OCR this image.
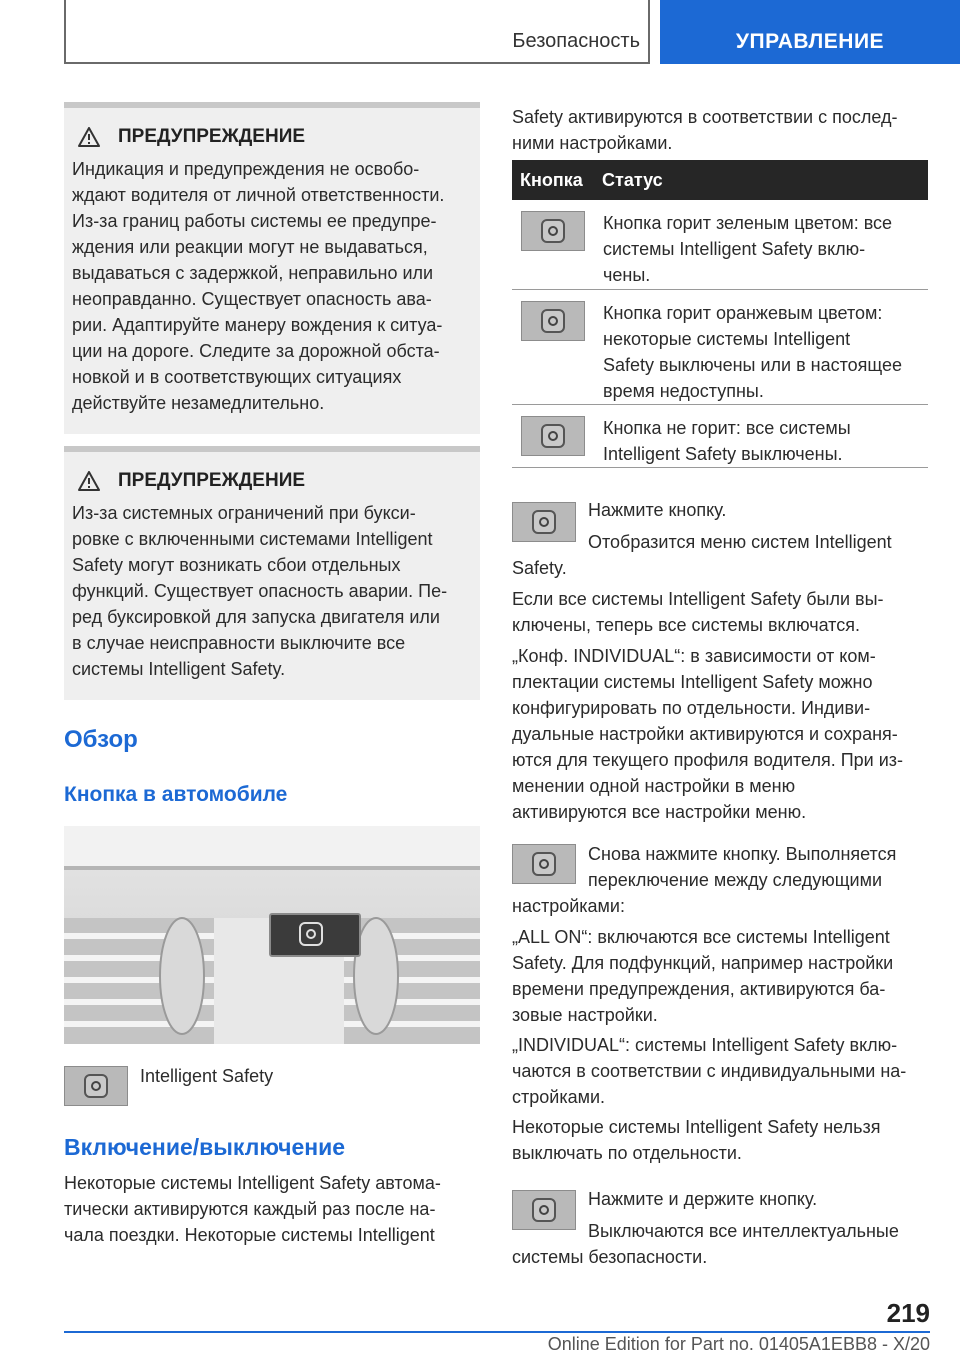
Безопасность	УПРАВЛЕНИЕ
ПРЕДУПРЕЖДЕНИЕ
Индикация и предупреждения не освобо-
ждают водителя от личной ответственности.
Из-за границ работы системы ее предупре-
ждения или реакции могут не выдаваться,
выдаваться с задержкой, неправильно или
неоправданно. Существует опасность ава-
рии. Адаптируйте манеру вождения к ситуа-
ции на дороге. Следите за дорожной обста-
новкой и в соответствующих ситуациях
действуйте незамедлительно.
ПРЕДУПРЕЖДЕНИЕ
Из-за системных ограничений при букси-
ровке с включенными системами Intelligent
Safety могут возникать сбои отдельных
функций. Существует опасность аварии. Пе-
ред буксировкой для запуска двигателя или
в случае неисправности выключите все
системы Intelligent Safety.
Обзор
Кнопка в автомобиле
Intelligent Safety
Включение/выключение
Некоторые системы Intelligent Safety автома-
тически активируются каждый раз после на-
чала поездки. Некоторые системы Intelligent
Safety активируются в соответствии с послед-
ними настройками.
Кнопка	Статус
Кнопка горит зеленым цветом: все
системы Intelligent Safety вклю-
чены.
Кнопка горит оранжевым цветом:
некоторые системы Intelligent
Safety выключены или в настоящее
время недоступны.
Кнопка не горит: все системы
Intelligent Safety выключены.
Нажмите кнопку.
Отобразится меню систем Intelligent
Safety.
Если все системы Intelligent Safety были вы-
ключены, теперь все системы включатся.
„Конф. INDIVIDUAL“: в зависимости от ком-
плектации системы Intelligent Safety можно
конфигурировать по отдельности. Индиви-
дуальные настройки активируются и сохраня-
ются для текущего профиля водителя. При из-
менении одной настройки в меню
активируются все настройки меню.
Снова нажмите кнопку. Выполняется
переключение между следующими
настройками:
„ALL ON“: включаются все системы Intelligent
Safety. Для подфункций, например настройки
времени предупреждения, активируются ба-
зовые настройки.
„INDIVIDUAL“: системы Intelligent Safety вклю-
чаются в соответствии с индивидуальными на-
стройками.
Некоторые системы Intelligent Safety нельзя
выключать по отдельности.
Нажмите и держите кнопку.
Выключаются все интеллектуальные
системы безопасности.
219
Online Edition for Part no. 01405A1EBB8 - X/20
